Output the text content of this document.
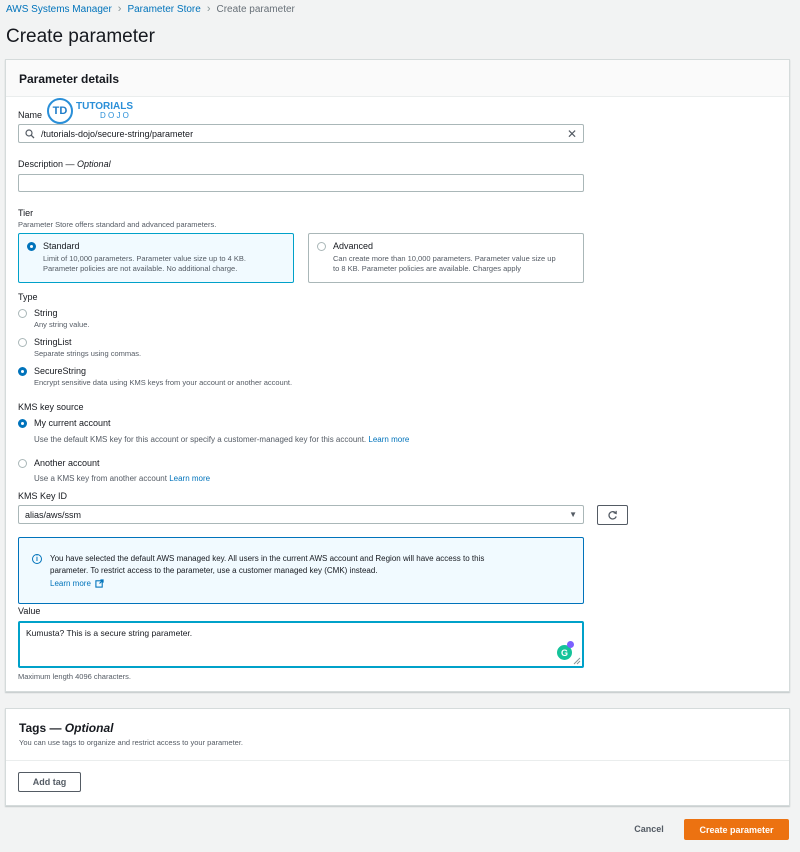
AWS Systems Manager › Parameter Store › Create parameter
Create parameter
Parameter details
Name TD TUTORIALS
D O J O
/tutorials-dojo/secure-string/parameter	✕
Description — Optional
Tier
Parameter Store offers standard and advanced parameters.
Standard
Limit of 10,000 parameters. Parameter value size up to 4 KB.
Parameter policies are not available. No additional charge.
Advanced
Can create more than 10,000 parameters. Parameter value size up
to 8 KB. Parameter policies are available. Charges apply
Type
String
Any string value.
StringList
Separate strings using commas.
SecureString
Encrypt sensitive data using KMS keys from your account or another account.
KMS key source
My current account
Use the default KMS key for this account or specify a customer-managed key for this account. Learn more
Another account
Use a KMS key from another account Learn more
KMS Key ID
alias/aws/ssm	▼
i	You have selected the default AWS managed key. All users in the current AWS account and Region will have access to this
parameter. To restrict access to the parameter, use a customer managed key (CMK) instead.
Learn more
Value
Kumusta? This is a secure string parameter.
G
Maximum length 4096 characters.
Tags — Optional
You can use tags to organize and restrict access to your parameter.
Add tag
Cancel	Create parameter
